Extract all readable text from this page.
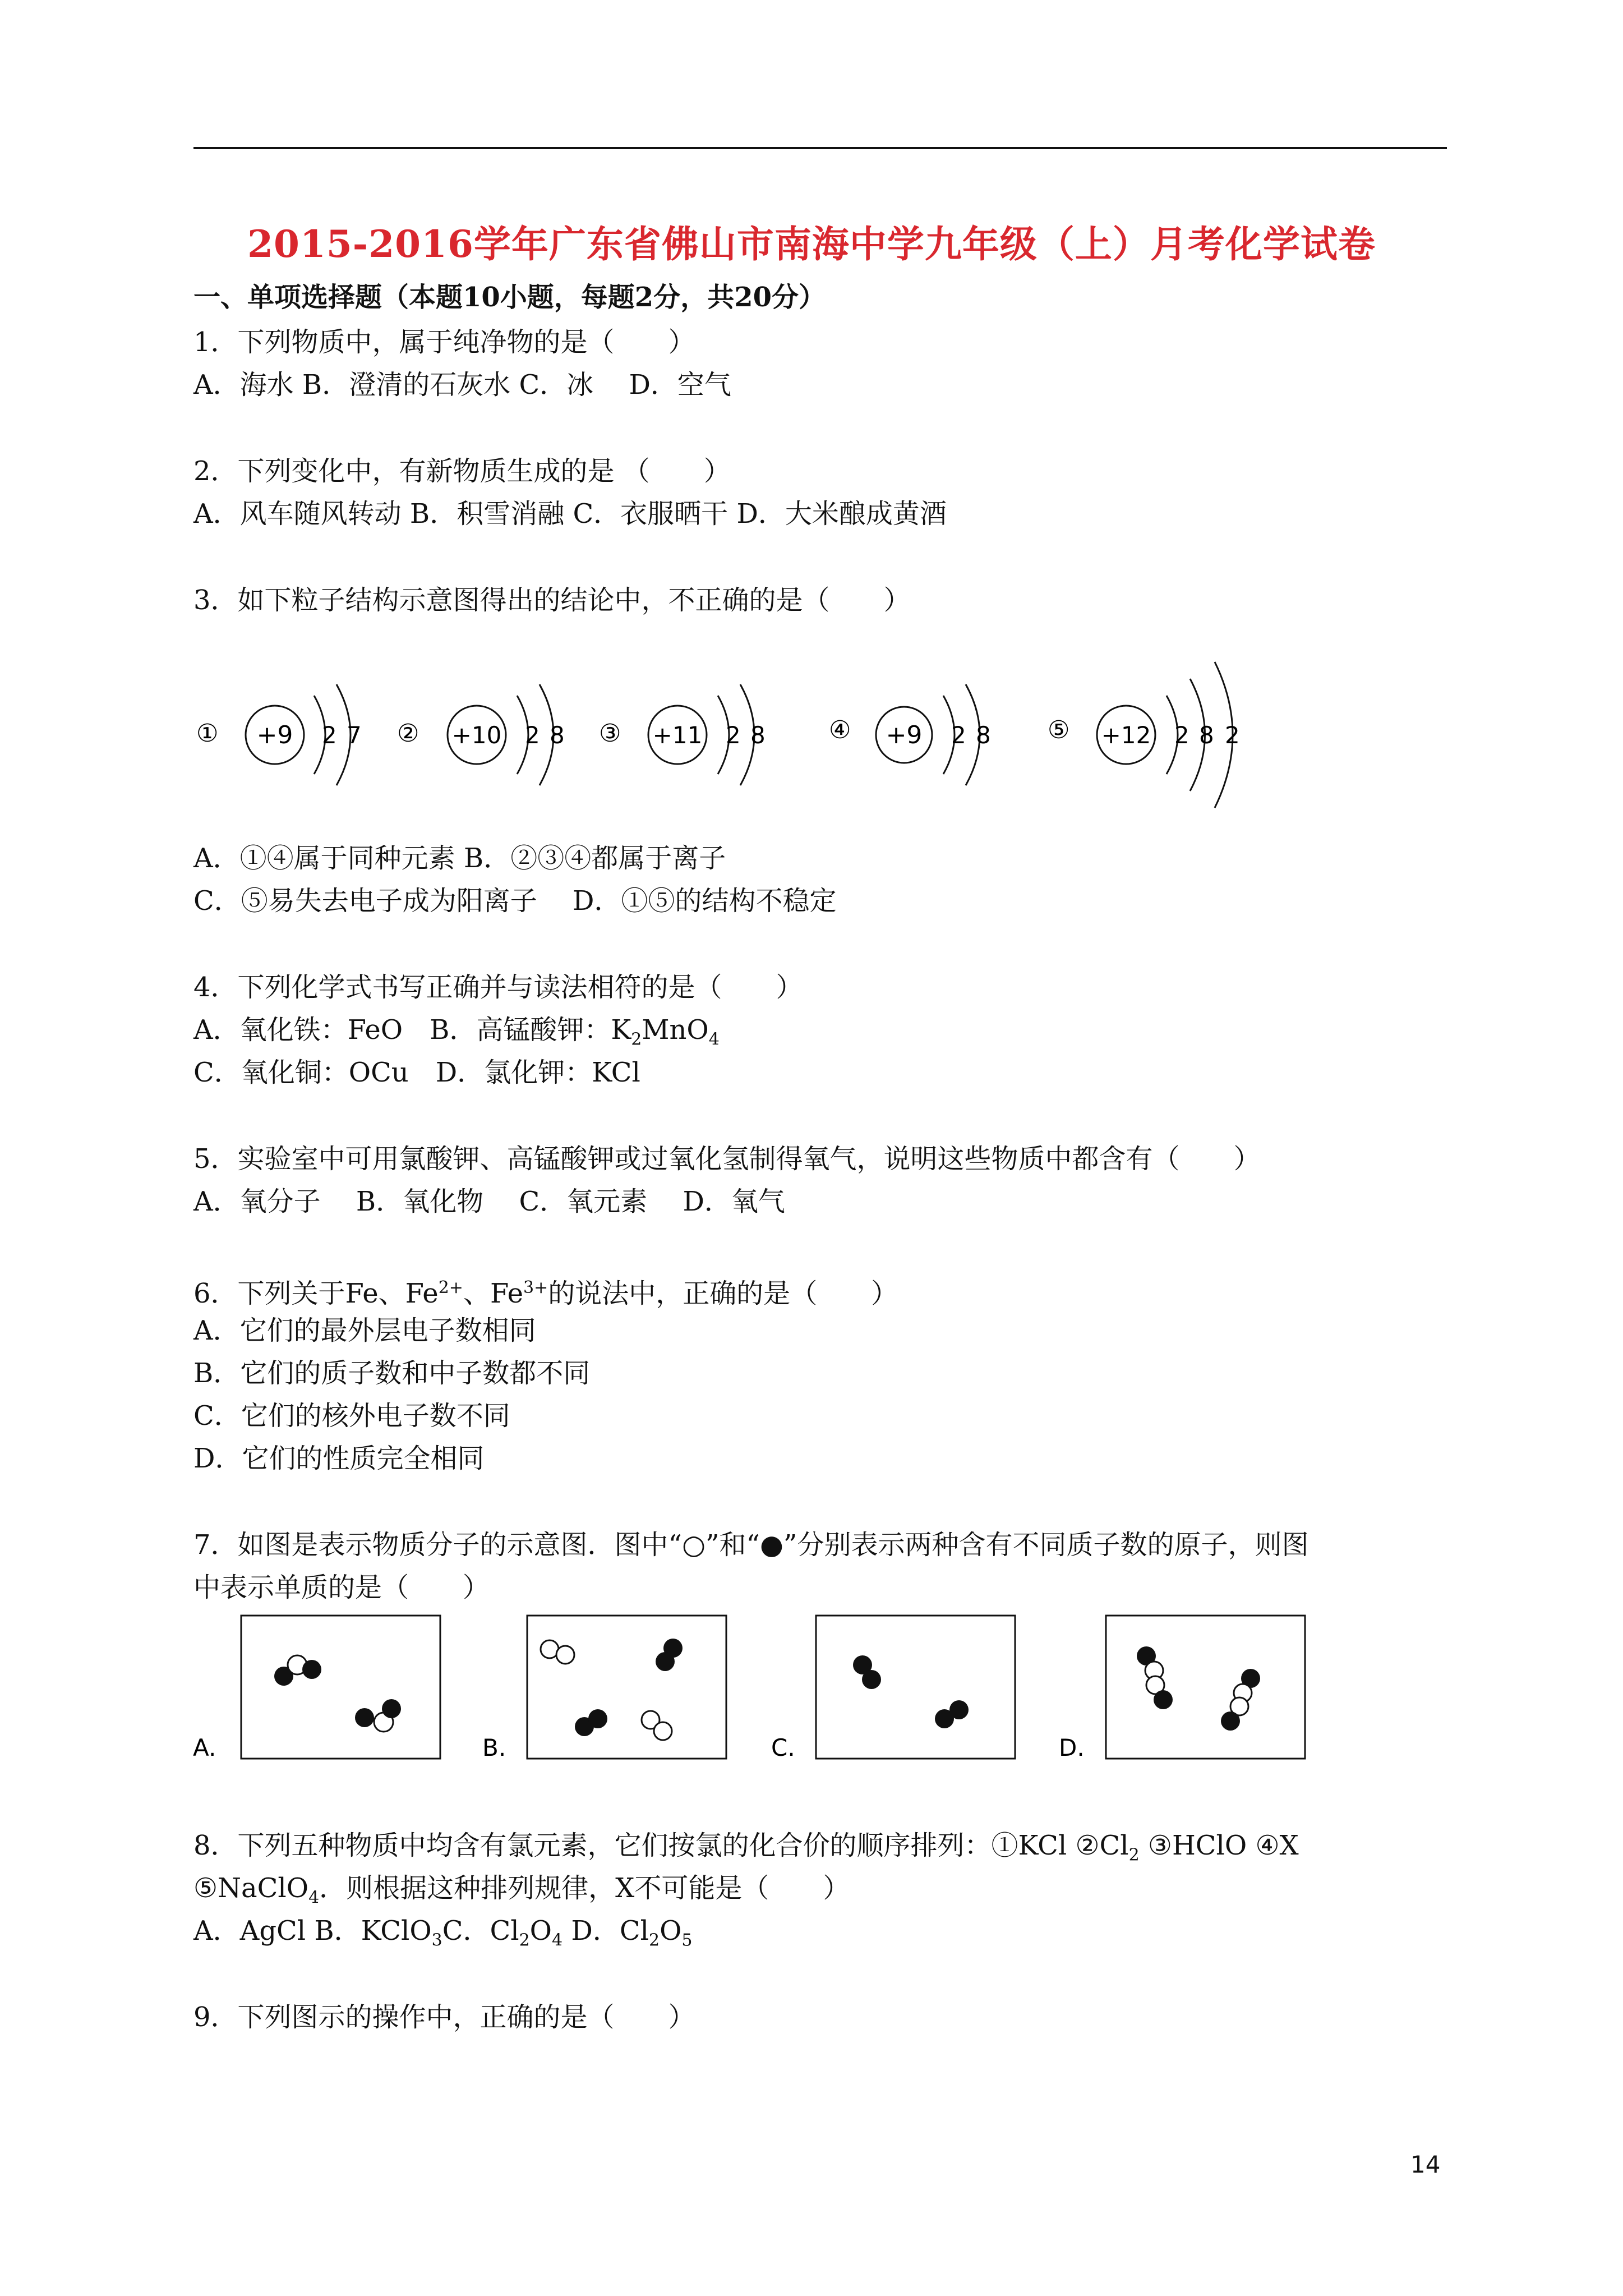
2015-2016学年广东省佛山市南海中学九年级（上）月考化学试卷
一、单项选择题（本题10小题，每题2分，共20分）
1．下列物质中，属于纯净物的是（　　）
A．海水 B．澄清的石灰水 C．冰　 D．空气
2．下列变化中，有新物质生成的是 （　　）
A．风车随风转动 B．积雪消融 C．衣服晒干 D．大米酿成黄酒
3．如下粒子结构示意图得出的结论中，不正确的是（　　）
① +9 2 7 ② +10 2 8 ③ +11 2 8	④ +9 2 8 ⑤ +12 2 8 2
A．①④属于同种元素 B．②③④都属于离子
C．⑤易失去电子成为阳离子　 D．①⑤的结构不稳定
4．下列化学式书写正确并与读法相符的是（　　）
A．氧化铁：FeO　B．高锰酸钾：$K_2MnO_4$
C．氧化铜：OCu　D．氯化钾：KCl
5．实验室中可用氯酸钾、高锰酸钾或过氧化氢制得氧气，说明这些物质中都含有（　　）
A．氧分子　 B．氧化物　 C．氧元素　 D．氧气
6．下列关于Fe、$Fe^{2+}$、$Fe^{3+}$的说法中，正确的是（　　）
A．它们的最外层电子数相同
B．它们的质子数和中子数都不同
C．它们的核外电子数不同
D．它们的性质完全相同
7．如图是表示物质分子的示意图．图中“○”和“●”分别表示两种含有不同质子数的原子，则图
中表示单质的是（　　）
A.	B.	C.	D.
8．下列五种物质中均含有氯元素，它们按氯的化合价的顺序排列：①KCl $②Cl_2$ ③HClO ④X
⑤NaClO$_4$．则根据这种排列规律，X不可能是（　　）
A．AgCl B．KClO$_3$C．$Cl_2O_4$ D．$Cl_2O_5$
9．下列图示的操作中，正确的是（　　）
14
